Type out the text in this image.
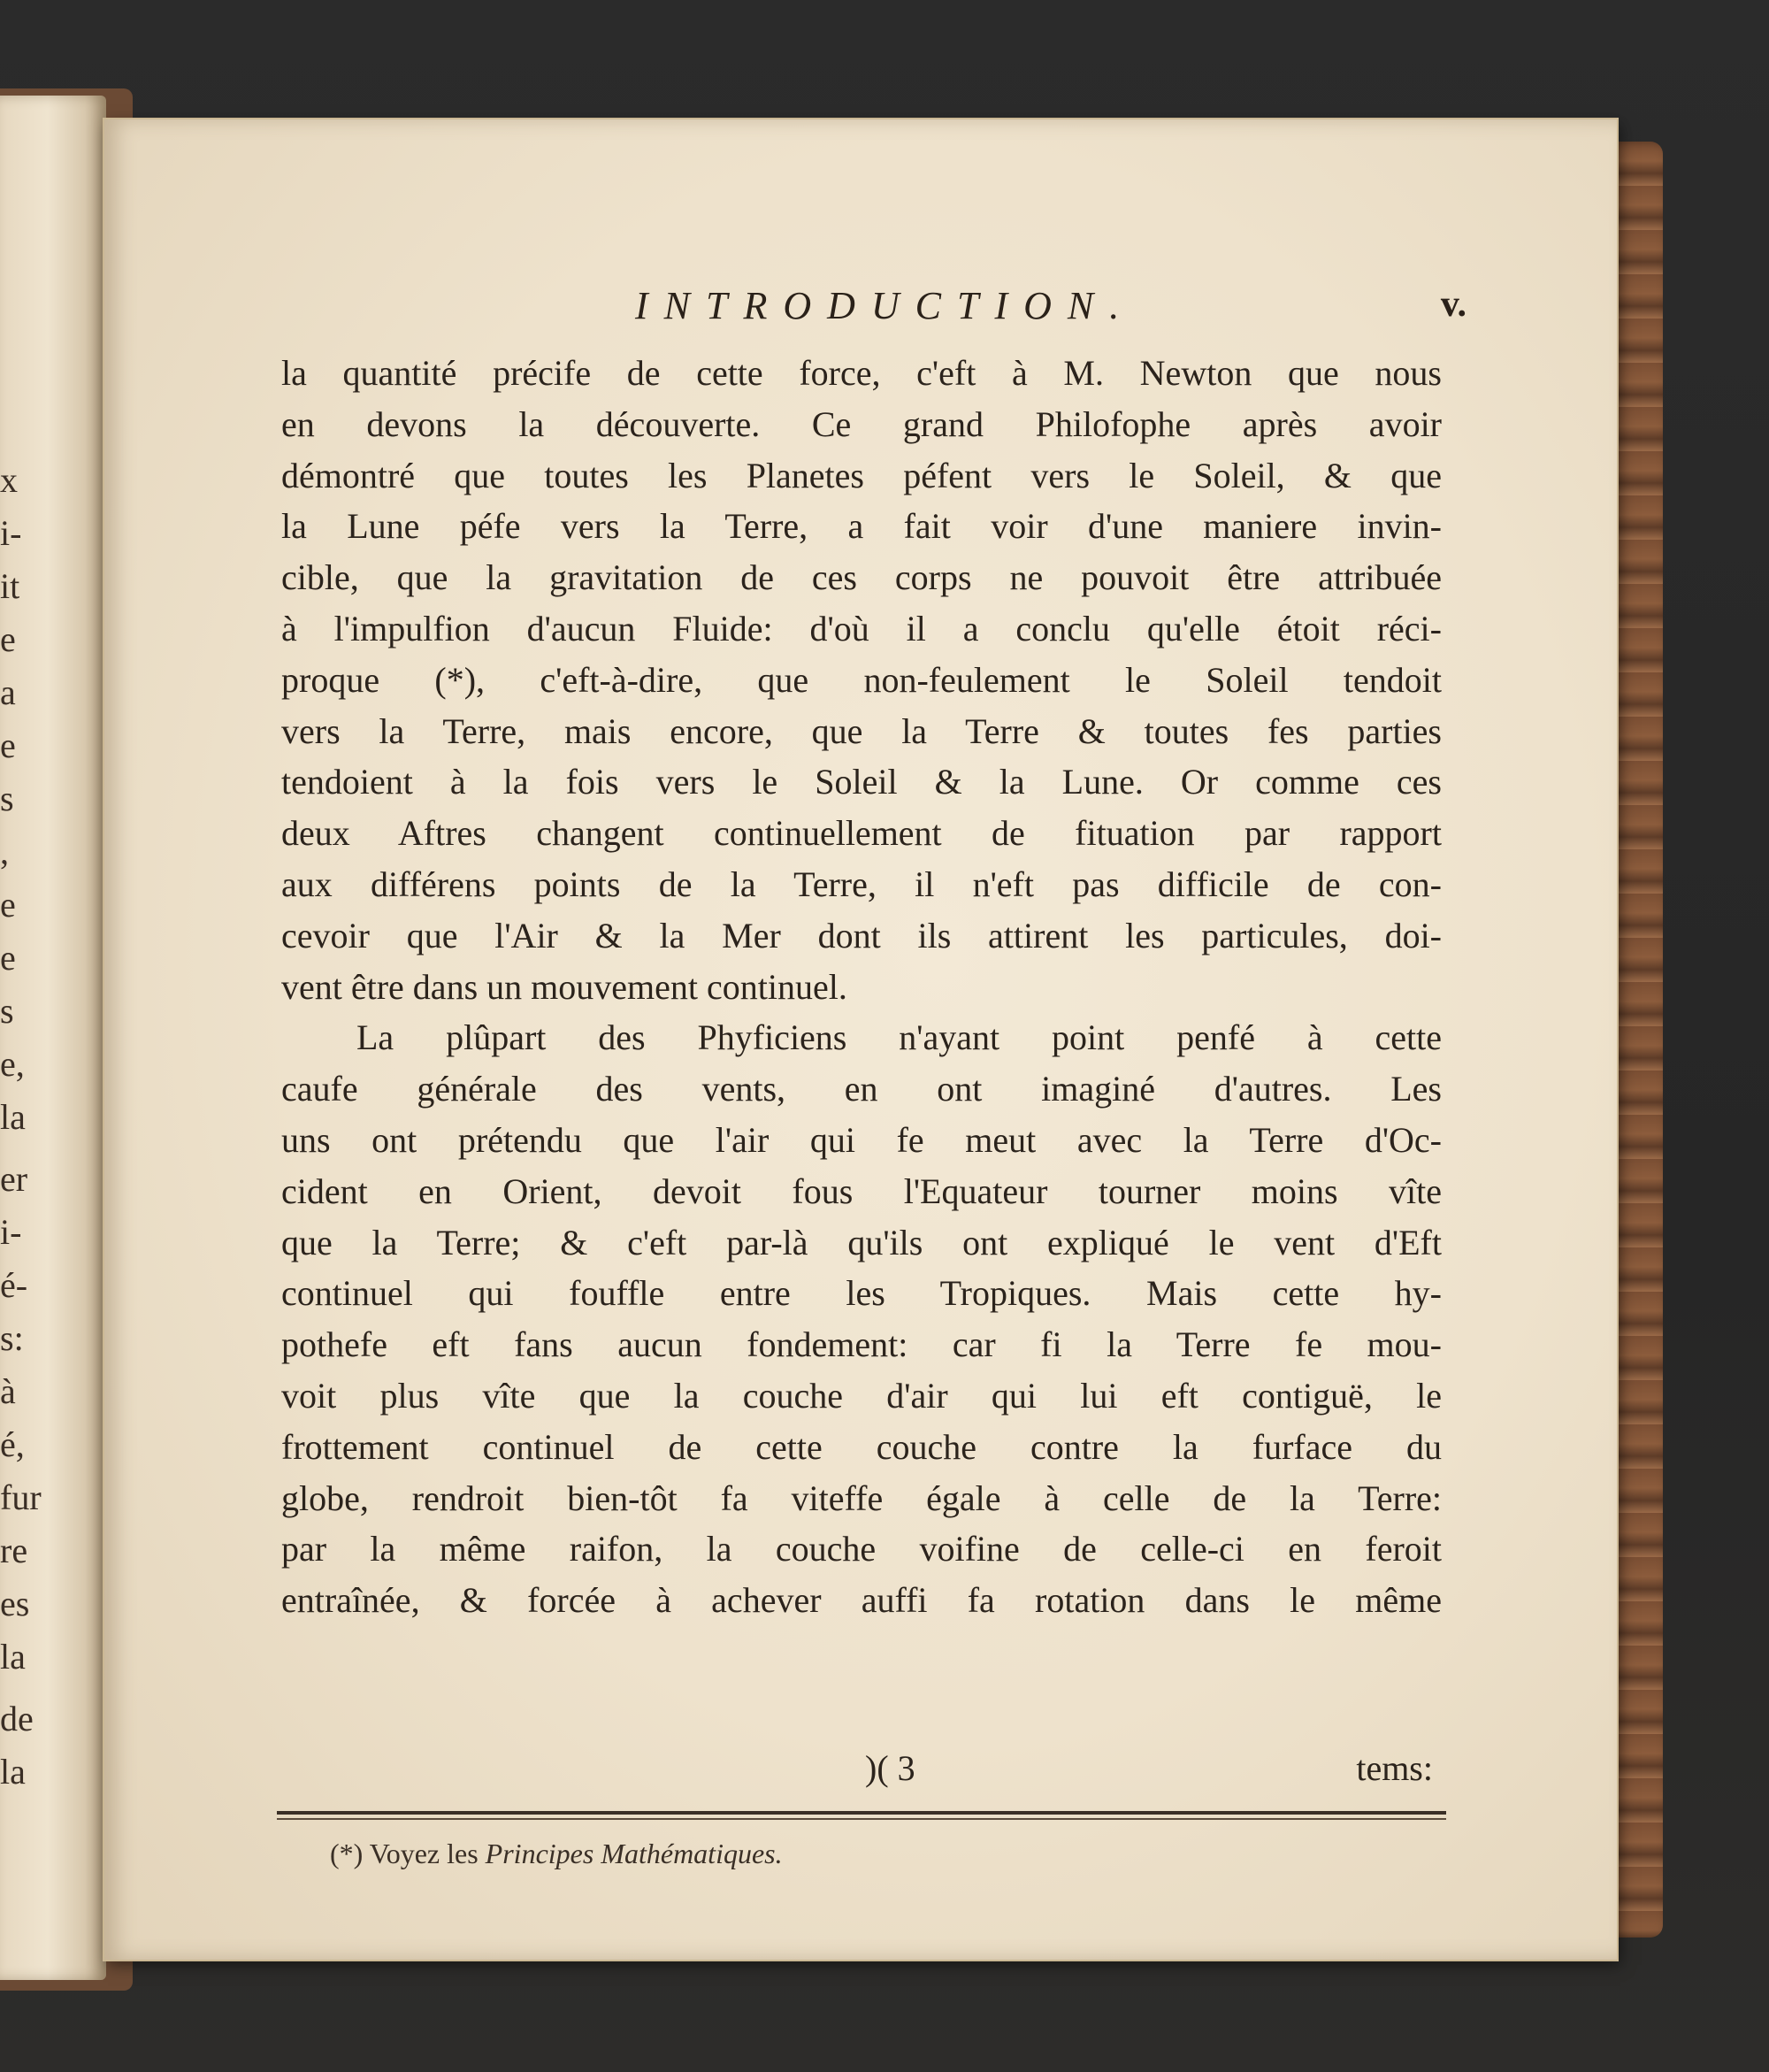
x
i-
it
e
a
e
s
,
e
e
s
e,
la
er
i-
é-
s:
à
é,
fur
re
es
la
de
la
INTRODUCTION.	v.
la quantité précife de cette force, c'eft à M. Newton que nous
en devons la découverte. Ce grand Philofophe après avoir
démontré que toutes les Planetes péfent vers le Soleil, & que
la Lune péfe vers la Terre, a fait voir d'une maniere invin-
cible, que la gravitation de ces corps ne pouvoit être attribuée
à l'impulfion d'aucun Fluide: d'où il a conclu qu'elle étoit réci-
proque (*), c'eft-à-dire, que non-feulement le Soleil tendoit
vers la Terre, mais encore, que la Terre & toutes fes parties
tendoient à la fois vers le Soleil & la Lune. Or comme ces
deux Aftres changent continuellement de fituation par rapport
aux différens points de la Terre, il n'eft pas difficile de con-
cevoir que l'Air & la Mer dont ils attirent les particules, doi-
vent être dans un mouvement continuel.
La plûpart des Phyficiens n'ayant point penfé à cette
caufe générale des vents, en ont imaginé d'autres. Les
uns ont prétendu que l'air qui fe meut avec la Terre d'Oc-
cident en Orient, devoit fous l'Equateur tourner moins vîte
que la Terre; & c'eft par-là qu'ils ont expliqué le vent d'Eft
continuel qui fouffle entre les Tropiques. Mais cette hy-
pothefe eft fans aucun fondement: car fi la Terre fe mou-
voit plus vîte que la couche d'air qui lui eft contiguë, le
frottement continuel de cette couche contre la furface du
globe, rendroit bien-tôt fa viteffe égale à celle de la Terre:
par la même raifon, la couche voifine de celle-ci en feroit
entraînée, & forcée à achever auffi fa rotation dans le même
)( 3	tems:
(*) Voyez les Principes Mathématiques.
